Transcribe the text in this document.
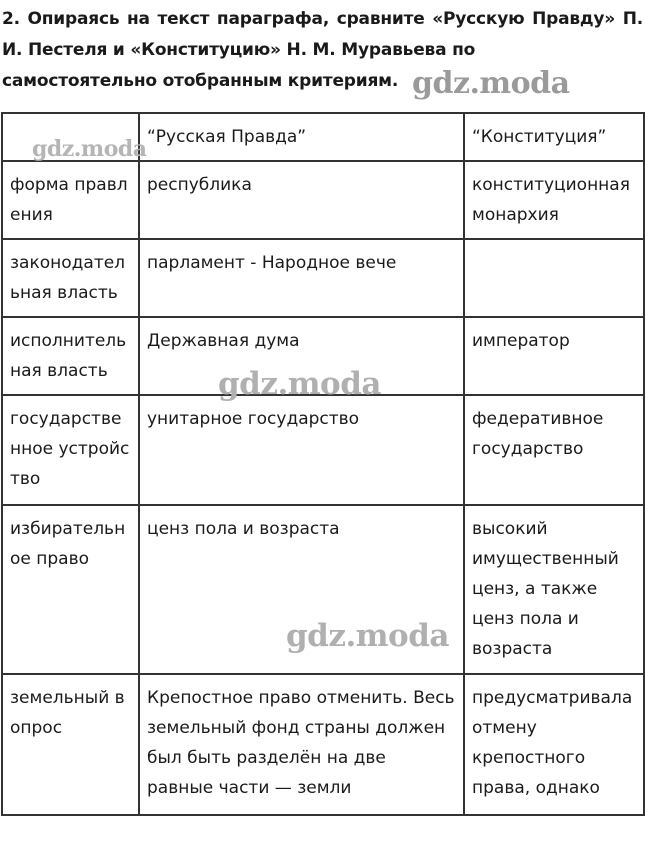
2. Опираясь на текст параграфа, сравните «Русскую Правду» П. И. Пестеля и «Конституцию» Н. М. Муравьева по
самостоятельно отобранным критериям.
	“Русская Правда”	“Конституция”
форма правления	республика	конституционная монархия
законодательная власть	парламент - Народное вече	
исполнительная власть	Державная дума	император
государственное устройство	унитарное государство	федеративное государство
избирательное право	ценз пола и возраста	высокий имущественный ценз, а также ценз пола и возраста
земельный вопрос	Крепостное право отменить. Весь земельный фонд страны должен был быть разделён на две равные части — земли	предусматривала отмену крепостного права, однако
gdz.moda
gdz.moda
gdz.moda
gdz.moda
